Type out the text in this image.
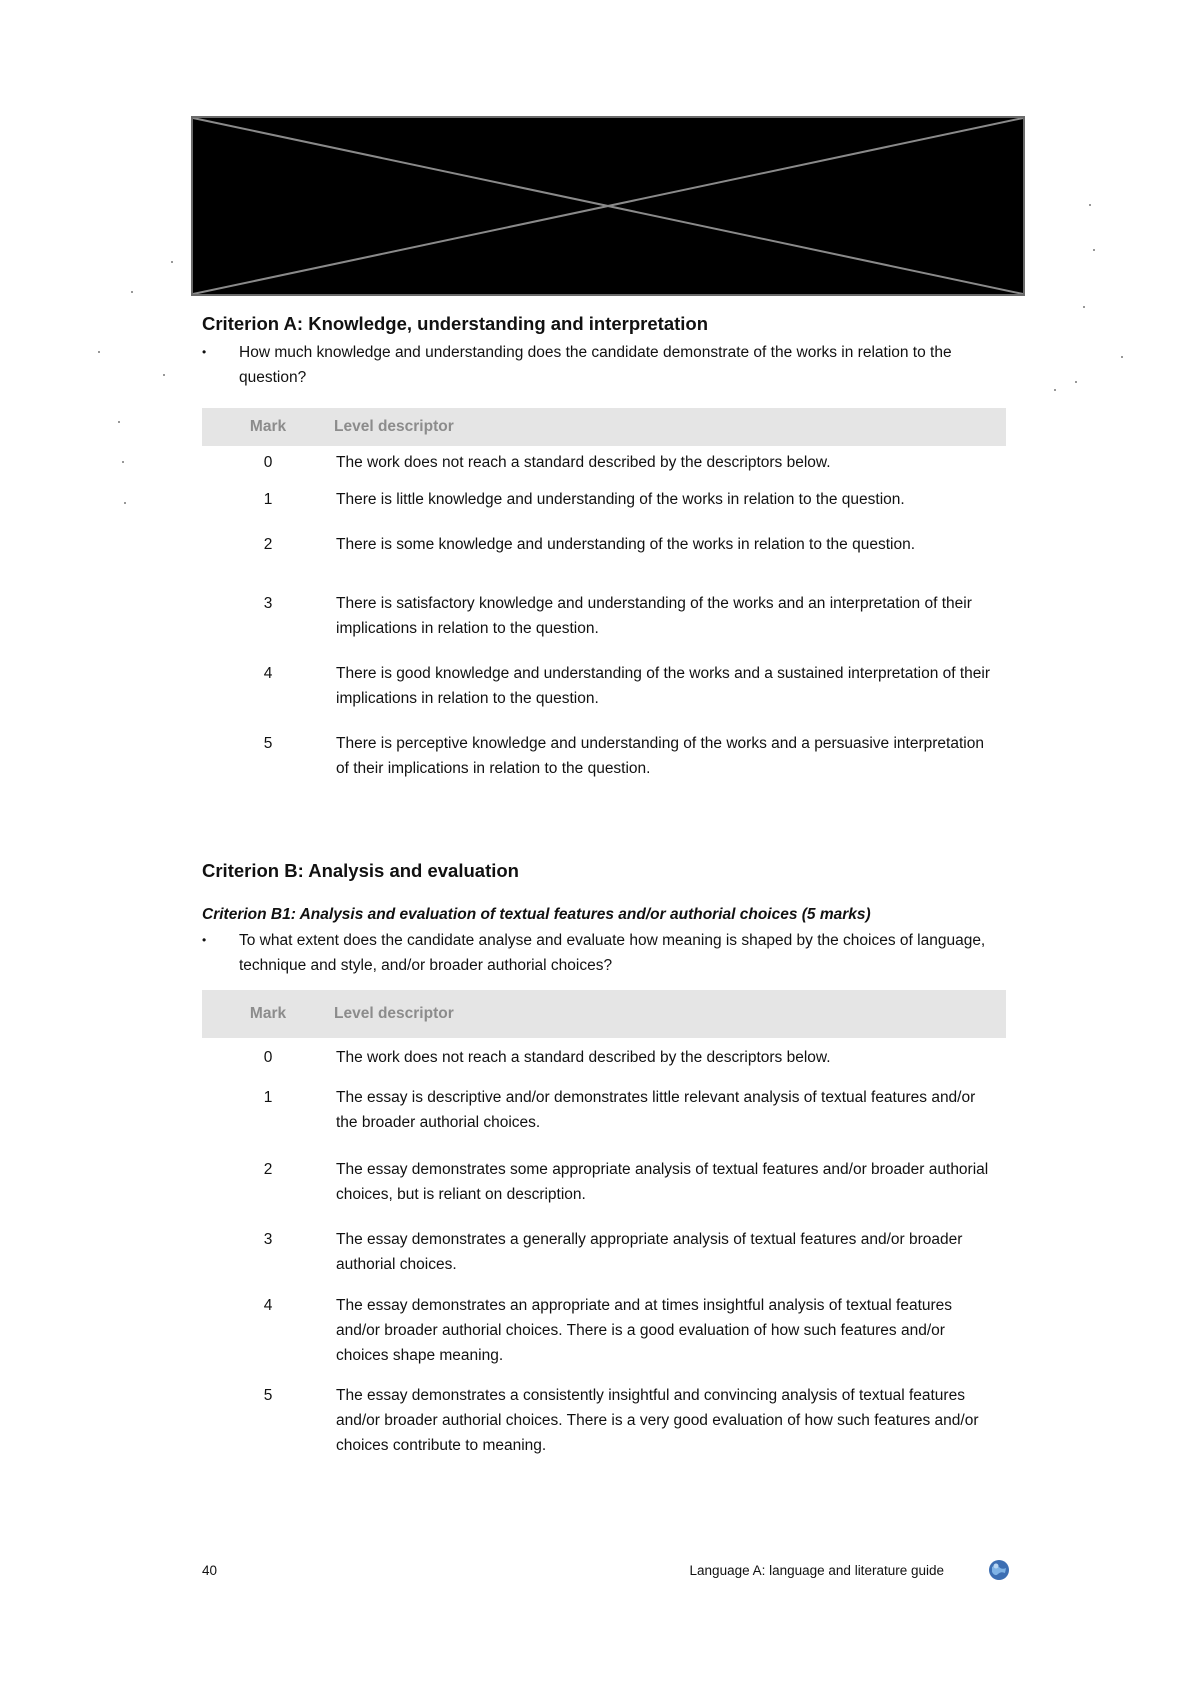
Criterion A: Knowledge, understanding and interpretation
• How much knowledge and understanding does the candidate demonstrate of the works in relation to the question?
Mark	Level descriptor
0	The work does not reach a standard described by the descriptors below.
1	There is little knowledge and understanding of the works in relation to the question.
2	There is some knowledge and understanding of the works in relation to the question.
3	There is satisfactory knowledge and understanding of the works and an interpretation of their implications in relation to the question.
4	There is good knowledge and understanding of the works and a sustained interpretation of their implications in relation to the question.
5	There is perceptive knowledge and understanding of the works and a persuasive interpretation of their implications in relation to the question.
Criterion B: Analysis and evaluation

Criterion B1: Analysis and evaluation of textual features and/or authorial choices (5 marks)

• To what extent does the candidate analyse and evaluate how meaning is shaped by the choices of language, technique and style, and/or broader authorial choices?
Mark	Level descriptor
0	The work does not reach a standard described by the descriptors below.
1	The essay is descriptive and/or demonstrates little relevant analysis of textual features and/or the broader authorial choices.
2	The essay demonstrates some appropriate analysis of textual features and/or broader authorial choices, but is reliant on description.
3	The essay demonstrates a generally appropriate analysis of textual features and/or broader authorial choices.
4	The essay demonstrates an appropriate and at times insightful analysis of textual features and/or broader authorial choices. There is a good evaluation of how such features and/or choices shape meaning.
5	The essay demonstrates a consistently insightful and convincing analysis of textual features and/or broader authorial choices. There is a very good evaluation of how such features and/or choices contribute to meaning.
40	Language A: language and literature guide
